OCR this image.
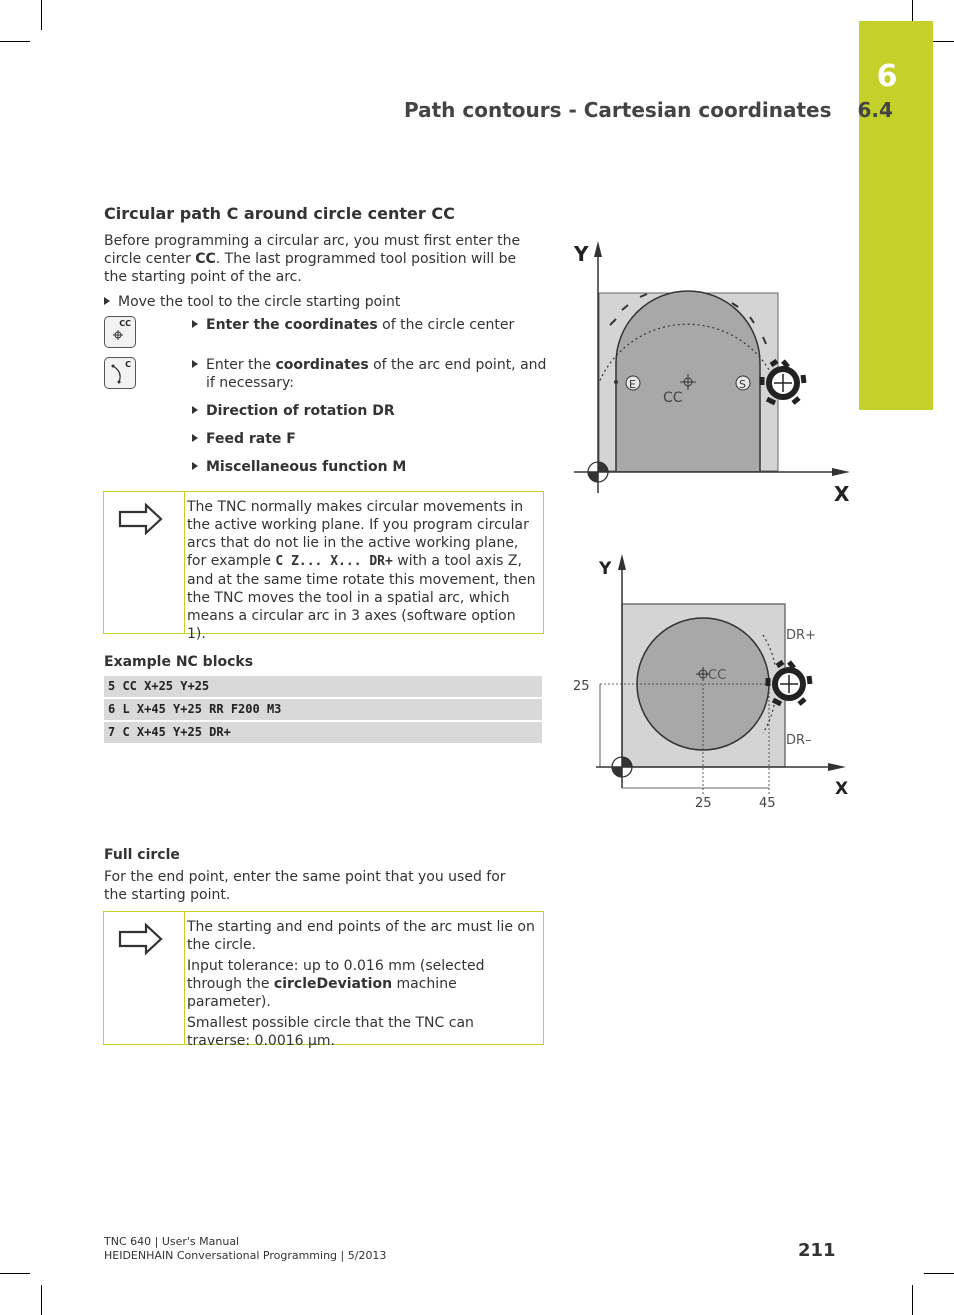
6
Path contours - Cartesian coordinates 6.4
Circular path C around circle center CC
Before programming a circular arc, you must first enter the circle center CC. The last programmed tool position will be the starting point of the arc.
Move the tool to the circle starting point
CC
C
Enter the coordinates of the circle center
Enter the coordinates of the arc end point, and if necessary:
Direction of rotation DR
Feed rate F
Miscellaneous function M
The TNC normally makes circular movements in the active working plane. If you program circular arcs that do not lie in the active working plane, for example C Z... X... DR+ with a tool axis Z, and at the same time rotate this movement, then the TNC moves the tool in a spatial arc, which means a circular arc in 3 axes (software option 1).
Example NC blocks
5 CC X+25 Y+25
6 L X+45 Y+25 RR F200 M3
7 C X+45 Y+25 DR+
Full circle
For the end point, enter the same point that you used for the starting point.

The starting and end points of the arc must lie on the circle.

Input tolerance: up to 0.016 mm (selected through the circleDeviation machine parameter).

Smallest possible circle that the TNC can traverse: 0.0016 µm.

Y
X
CC
E	S
Y
X
CC
DR+
DR–
25
25	45
TNC 640 | User's Manual
HEIDENHAIN Conversational Programming | 5/2013	211
